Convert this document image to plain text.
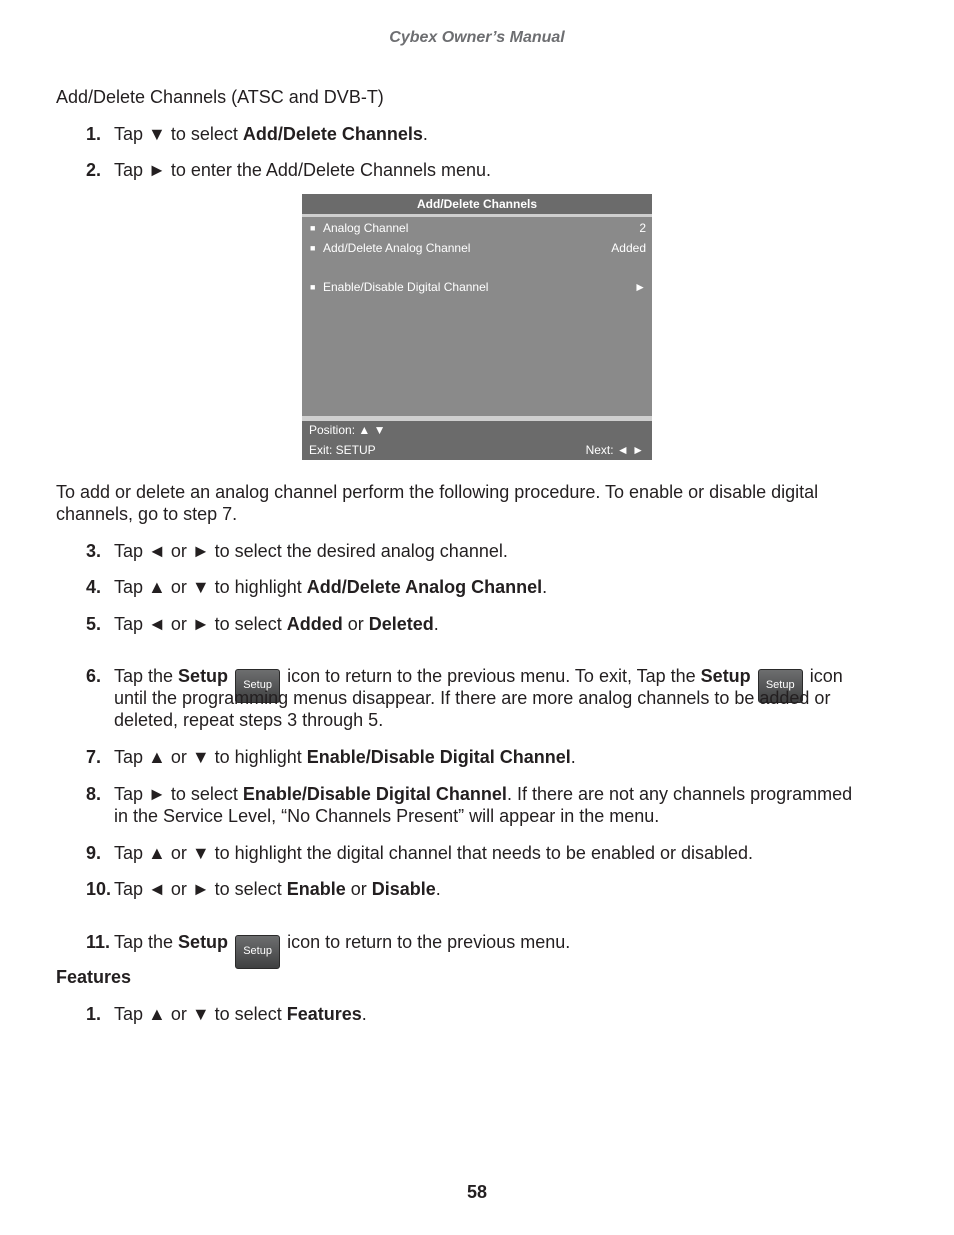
Cybex Owner’s Manual
Add/Delete Channels (ATSC and DVB-T)
1. Tap ▼ to select Add/Delete Channels.
2. Tap ► to enter the Add/Delete Channels menu.
Add/Delete Channels
■ Analog Channel	2
■ Add/Delete Analog Channel	Added
■ Enable/Disable Digital Channel	►
Position: ▲ ▼
Exit: SETUP	Next: ◄ ►
To add or delete an analog channel perform the following procedure. To enable or disable digital channels, go to step 7.
3. Tap ◄ or ► to select the desired analog channel.
4. Tap ▲ or ▼ to highlight Add/Delete Analog Channel.
5. Tap ◄ or ► to select Added or Deleted.
6. Tap the Setup	Setup icon to return to the previous menu. To exit, Tap the Setup	Setup icon
until the programming menus disappear. If there are more analog channels to be added or
deleted, repeat steps 3 through 5.
7. Tap ▲ or ▼ to highlight Enable/Disable Digital Channel.
8. Tap ► to select Enable/Disable Digital Channel. If there are not any channels programmed
in the Service Level, “No Channels Present” will appear in the menu.
9. Tap ▲ or ▼ to highlight the digital channel that needs to be enabled or disabled.
10. Tap ◄ or ► to select Enable or Disable.
11. Tap the Setup	Setup icon to return to the previous menu.
Features
1. Tap ▲ or ▼ to select Features.
58
